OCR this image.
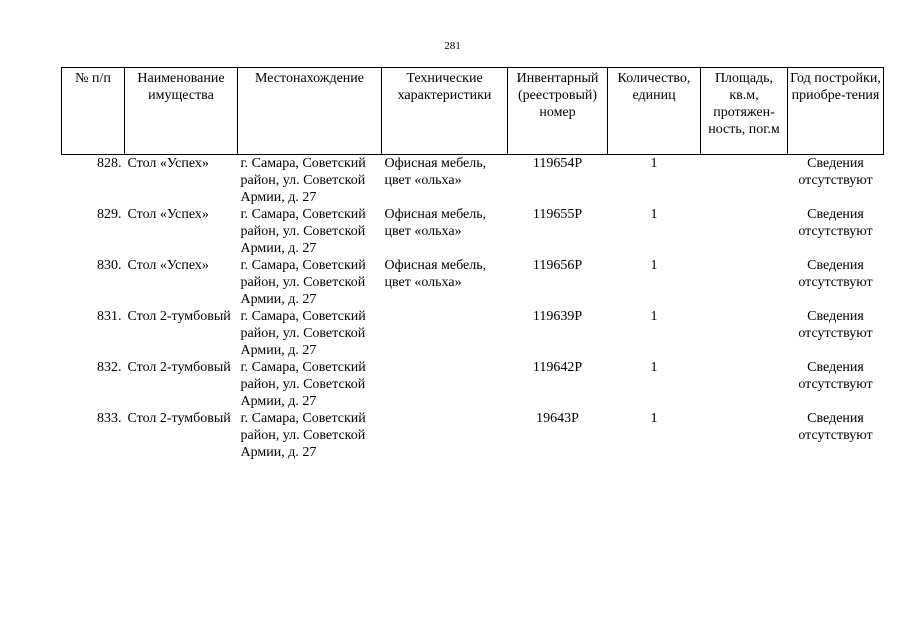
281
№ п/п	Наименование имущества	Местонахождение	Технические характеристики	Инвентарный (реестровый) номер	Количество, единиц	Площадь, кв.м, протяжен-ность, пог.м	Год постройки, приобре-тения
828.	Стол «Успех»	г. Самара, Советский район, ул. Советской Армии, д. 27	Офисная мебель, цвет «ольха»	119654Р	1		Сведения отсутствуют
829.	Стол «Успех»	г. Самара, Советский район, ул. Советской Армии, д. 27	Офисная мебель, цвет «ольха»	119655Р	1		Сведения отсутствуют
830.	Стол «Успех»	г. Самара, Советский район, ул. Советской Армии, д. 27	Офисная мебель, цвет «ольха»	119656Р	1		Сведения отсутствуют
831.	Стол 2-тумбовый	г. Самара, Советский район, ул. Советской Армии, д. 27		119639Р	1		Сведения отсутствуют
832.	Стол 2-тумбовый	г. Самара, Советский район, ул. Советской Армии, д. 27		119642Р	1		Сведения отсутствуют
833.	Стол 2-тумбовый	г. Самара, Советский район, ул. Советской Армии, д. 27		19643Р	1		Сведения отсутствуют
